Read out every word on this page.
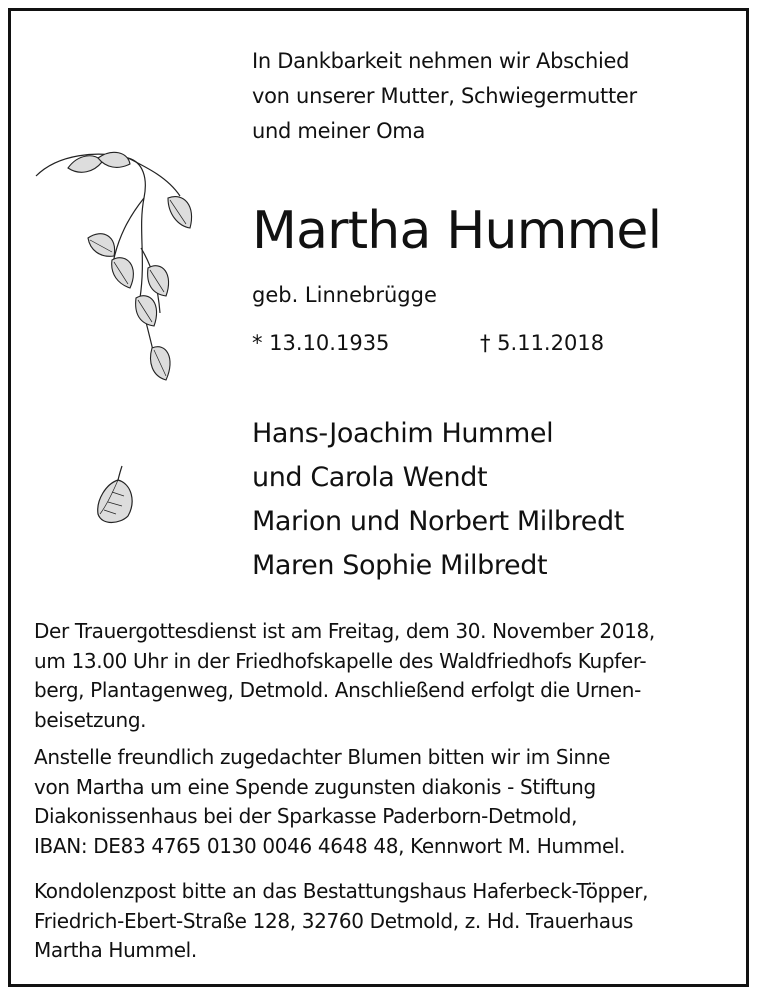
In Dankbarkeit nehmen wir Abschied
von unserer Mutter, Schwiegermutter
und meiner Oma
Martha Hummel
geb. Linnebrügge
* 13.10.1935	† 5.11.2018
Hans-Joachim Hummel
und Carola Wendt
Marion und Norbert Milbredt
Maren Sophie Milbredt
Der Trauergottesdienst ist am Freitag, dem 30. November 2018,
um 13.00 Uhr in der Friedhofskapelle des Waldfriedhofs Kupfer-
berg, Plantagenweg, Detmold. Anschließend erfolgt die Urnen-
beisetzung.
Anstelle freundlich zugedachter Blumen bitten wir im Sinne
von Martha um eine Spende zugunsten diakonis - Stiftung
Diakonissenhaus bei der Sparkasse Paderborn-Detmold,
IBAN: DE83 4765 0130 0046 4648 48, Kennwort M. Hummel.
Kondolenzpost bitte an das Bestattungshaus Haferbeck-Töpper,
Friedrich-Ebert-Straße 128, 32760 Detmold, z. Hd. Trauerhaus
Martha Hummel.
